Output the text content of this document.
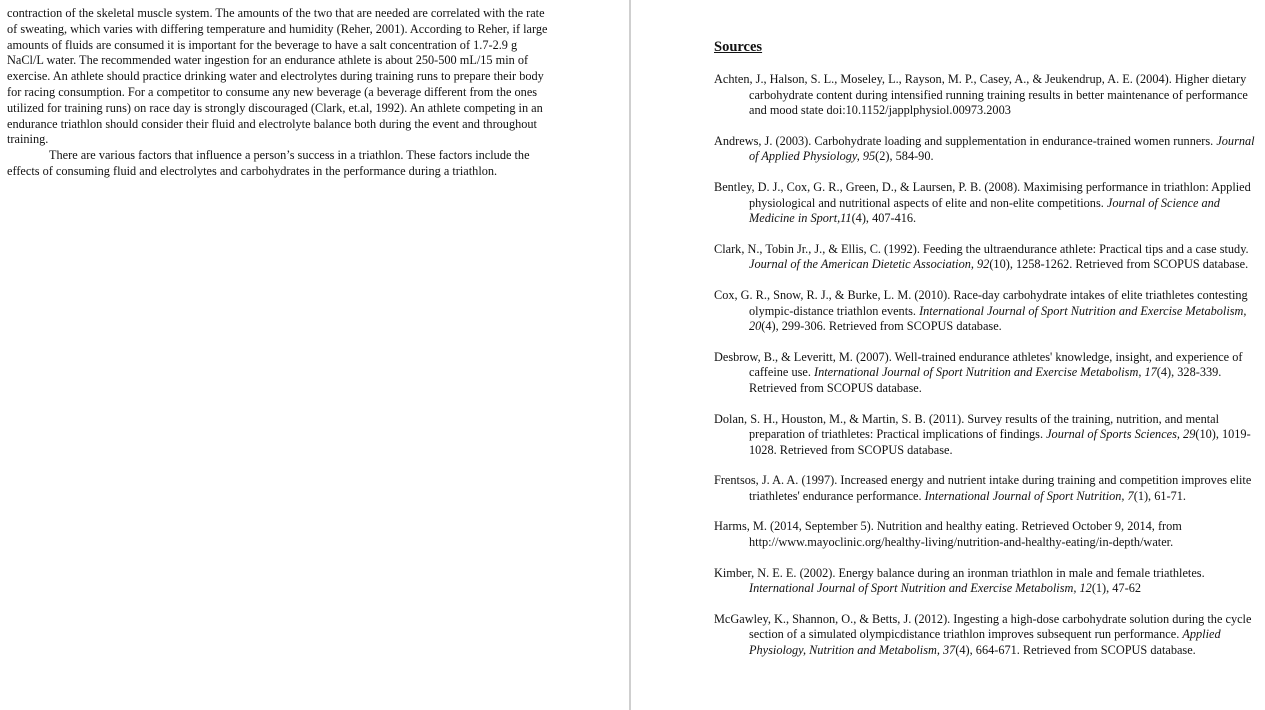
contraction of the skeletal muscle system. The amounts of the two that are needed are correlated with the rate of sweating, which varies with differing temperature and humidity (Reher, 2001). According to Reher, if large amounts of fluids are consumed it is important for the beverage to have a salt concentration of 1.7-2.9 g NaCl/L water. The recommended water ingestion for an endurance athlete is about 250-500 mL/15 min of exercise. An athlete should practice drinking water and electrolytes during training runs to prepare their body for racing consumption. For a competitor to consume any new beverage (a beverage different from the ones utilized for training runs) on race day is strongly discouraged (Clark, et.al, 1992). An athlete competing in an endurance triathlon should consider their fluid and electrolyte balance both during the event and throughout training.

There are various factors that influence a person’s success in a triathlon. These factors include the effects of consuming fluid and electrolytes and carbohydrates in the performance during a triathlon.

Sources
Achten, J., Halson, S. L., Moseley, L., Rayson, M. P., Casey, A., & Jeukendrup, A. E. (2004). Higher dietary carbohydrate content during intensified running training results in better maintenance of performance and mood state doi:10.1152/japplphysiol.00973.2003
Andrews, J. (2003). Carbohydrate loading and supplementation in endurance-trained women runners. Journal of Applied Physiology, 95(2), 584-90.
Bentley, D. J., Cox, G. R., Green, D., & Laursen, P. B. (2008). Maximising performance in triathlon: Applied physiological and nutritional aspects of elite and non-elite competitions. Journal of Science and Medicine in Sport,11(4), 407-416.
Clark, N., Tobin Jr., J., & Ellis, C. (1992). Feeding the ultraendurance athlete: Practical tips and a case study. Journal of the American Dietetic Association, 92(10), 1258-1262. Retrieved from SCOPUS database.
Cox, G. R., Snow, R. J., & Burke, L. M. (2010). Race-day carbohydrate intakes of elite triathletes contesting olympic-distance triathlon events. International Journal of Sport Nutrition and Exercise Metabolism, 20(4), 299-306. Retrieved from SCOPUS database.
Desbrow, B., & Leveritt, M. (2007). Well-trained endurance athletes' knowledge, insight, and experience of caffeine use. International Journal of Sport Nutrition and Exercise Metabolism, 17(4), 328-339. Retrieved from SCOPUS database.
Dolan, S. H., Houston, M., & Martin, S. B. (2011). Survey results of the training, nutrition, and mental preparation of triathletes: Practical implications of findings. Journal of Sports Sciences, 29(10), 1019-1028. Retrieved from SCOPUS database.
Frentsos, J. A. A. (1997). Increased energy and nutrient intake during training and competition improves elite triathletes' endurance performance. International Journal of Sport Nutrition, 7(1), 61-71.
Harms, M. (2014, September 5). Nutrition and healthy eating. Retrieved October 9, 2014, from http://www.mayoclinic.org/healthy-living/nutrition-and-healthy-eating/in-depth/water.
Kimber, N. E. E. (2002). Energy balance during an ironman triathlon in male and female triathletes. International Journal of Sport Nutrition and Exercise Metabolism, 12(1), 47-62
McGawley, K., Shannon, O., & Betts, J. (2012). Ingesting a high-dose carbohydrate solution during the cycle section of a simulated olympicdistance triathlon improves subsequent run performance. Applied Physiology, Nutrition and Metabolism, 37(4), 664-671. Retrieved from SCOPUS database.
